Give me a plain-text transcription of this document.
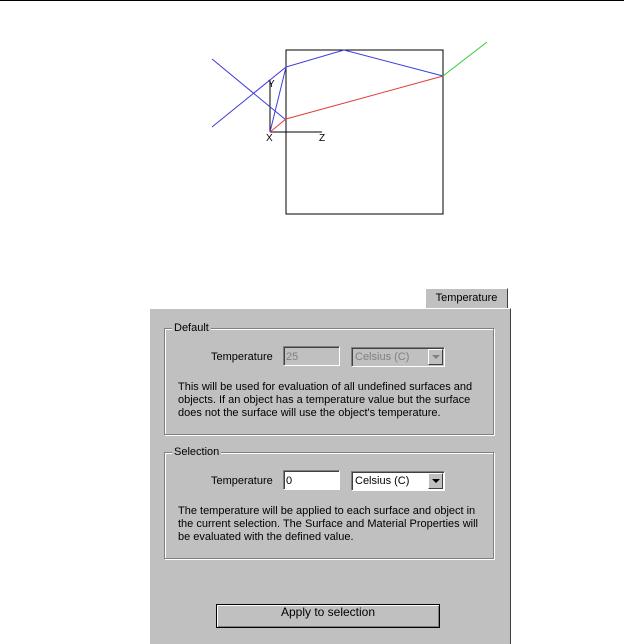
Y
X	Z
Temperature
Default
Temperature
25	Celsius (C)
This will be used for evaluation of all undefined surfaces and objects. If an object has a temperature value but the surface does not the surface will use the object's temperature.
Selection
Temperature
0	Celsius (C)
The temperature will be applied to each surface and object in the current selection. The Surface and Material Properties will be evaluated with the defined value.
Apply to selection
